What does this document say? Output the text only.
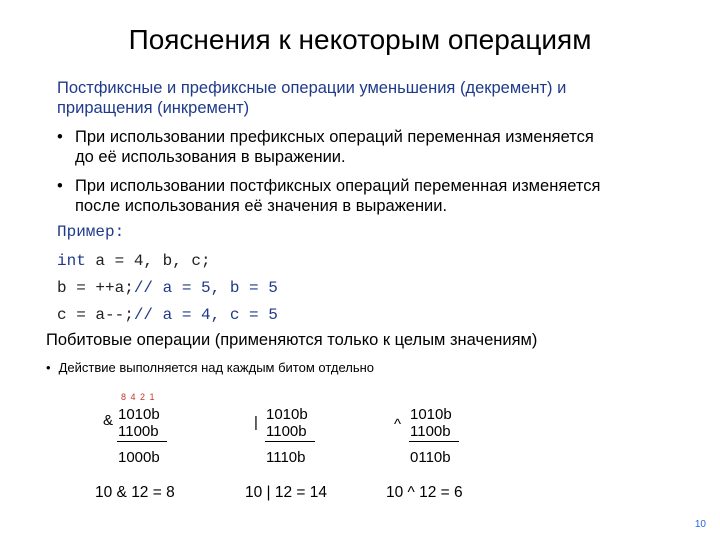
Пояснения к некоторым операциям
Постфиксные и префиксные операции уменьшения (декремент) и
приращения (инкремент)
• При использовании префиксных операций переменная изменяется
до её использования в выражении.
• При использовании постфиксных операций переменная изменяется
после использования её значения в выражении.
Пример:
int a = 4, b, c;
b = ++a;// a = 5, b = 5
c = a--;// a = 4, c = 5
Побитовые операции (применяются только к целым значениям)
• Действие выполняется над каждым битом отдельно
8 4 2 1
& 1010b
1100b
1000b
10 & 12 = 8
| 1010b
1100b
1110b
10 | 12 = 14
^
1010b
1100b
0110b
10 ^ 12 = 6
10
